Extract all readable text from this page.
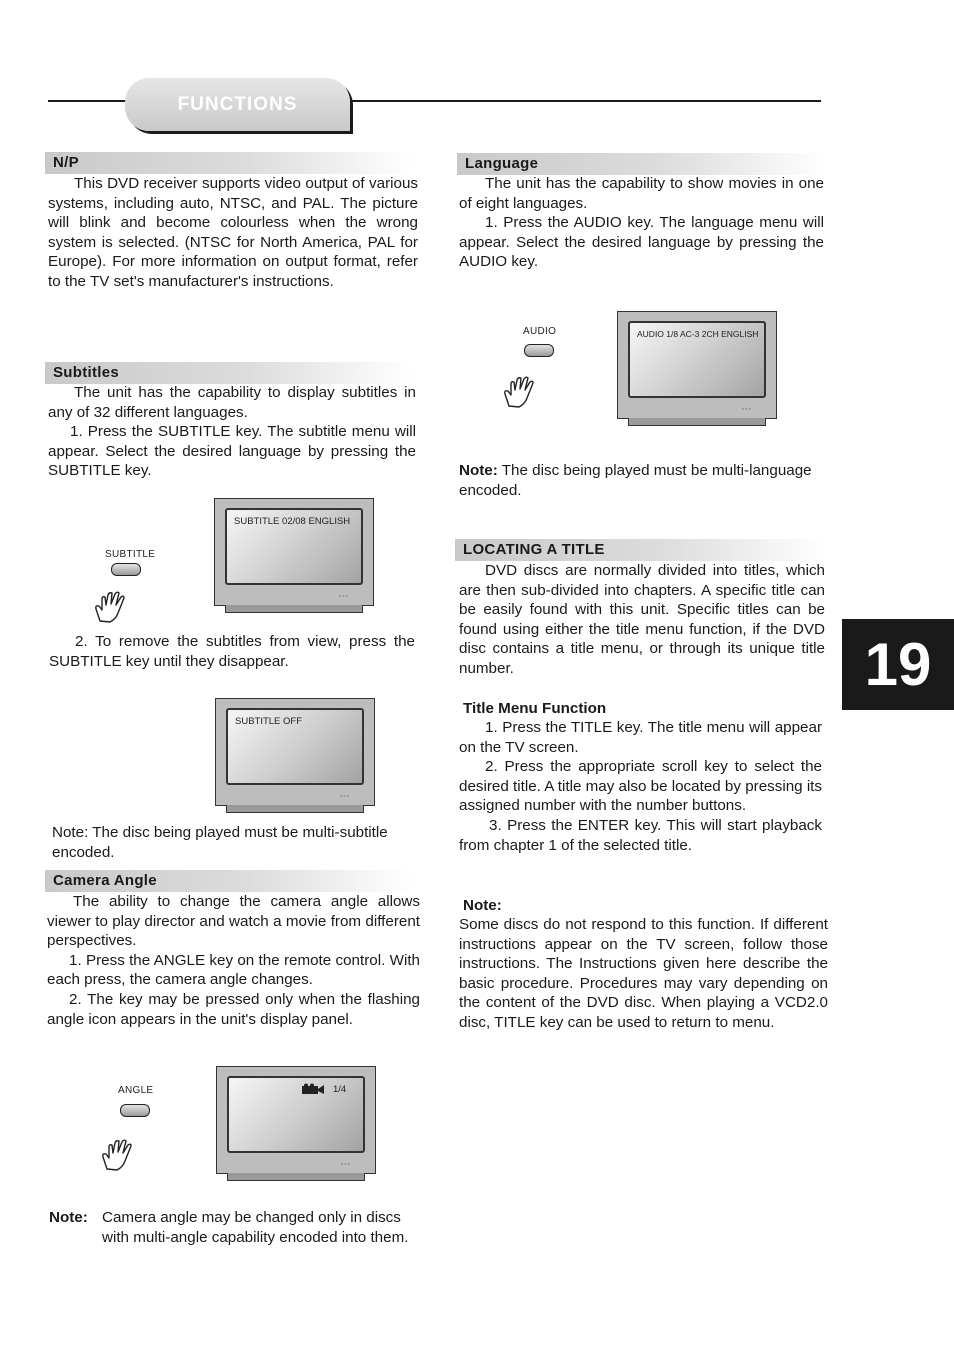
FUNCTIONS
N/P

This DVD receiver supports video output of various systems, including auto, NTSC, and PAL. The picture will blink and become colourless when the wrong system is selected. (NTSC for North America, PAL for Europe). For more information on output format, refer to the TV set's manufacturer's instructions.

Subtitles

The unit has the capability to display subtitles in any of 32 different languages.

1. Press the SUBTITLE key. The subtitle menu will appear. Select the desired language by pressing the SUBTITLE key.

SUBTITLE
SUBTITLE 02/08 ENGLISH
◦◦◦

2. To remove the subtitles from view, press the SUBTITLE key until they disappear.

SUBTITLE OFF
◦◦◦
Note: The disc being played must be multi-subtitle encoded.
Camera Angle

The ability to change the camera angle allows viewer to play director and watch a movie from different perspectives.

1. Press the ANGLE key on the remote control. With each press, the camera angle changes.

2. The key may be pressed only when the flashing angle icon appears in the unit's display panel.

ANGLE	1/4
◦◦◦
Note: Camera angle may be changed only in discs with multi-angle capability encoded into them.
Language

The unit has the capability to show movies in one of eight languages.

1. Press the AUDIO key. The language menu will appear. Select the desired language by pressing the AUDIO key.

AUDIO	AUDIO 1/8 AC-3 2CH ENGLISH
◦◦◦
Note: The disc being played must be multi-language encoded.
LOCATING A TITLE

DVD discs are normally divided into titles, which are then sub-divided into chapters. A specific title can be easily found with this unit. Specific titles can be found using either the title menu function, if the DVD disc contains a title menu, or through its unique title number.

Title Menu Function

1. Press the TITLE key. The title menu will appear on the TV screen.

2. Press the appropriate scroll key to select the desired title. A title may also be located by pressing its assigned number with the number buttons.

3. Press the ENTER key. This will start playback from chapter 1 of the selected title.

Note:
Some discs do not respond to this function. If different instructions appear on the TV screen, follow those instructions. The Instructions given here describe the basic procedure. Procedures may vary depending on the content of the DVD disc. When playing a VCD2.0 disc, TITLE key can be used to return to menu.
19
